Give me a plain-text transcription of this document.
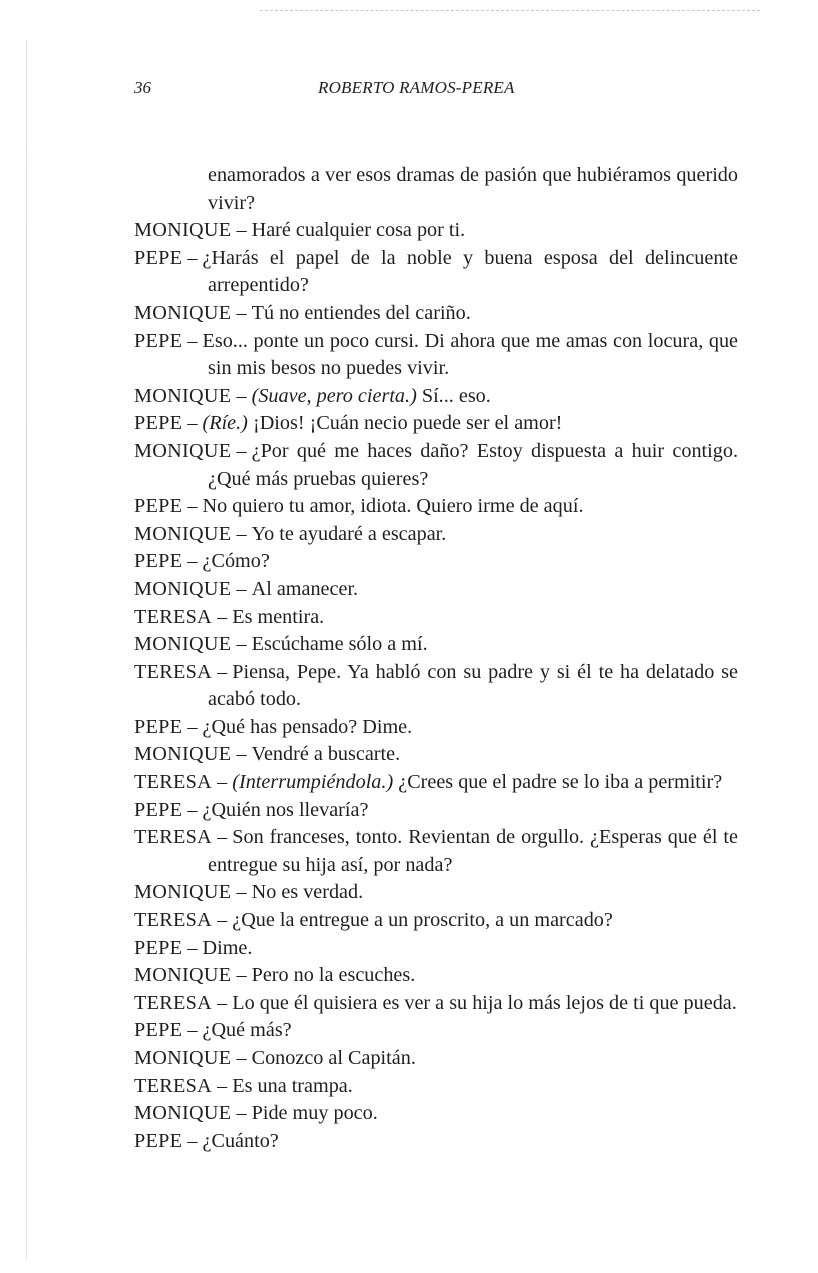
36	ROBERTO RAMOS-PEREA

enamorados a ver esos dramas de pasión que hubiéramos querido vivir?

MONIQUE – Haré cualquier cosa por ti.

PEPE – ¿Harás el papel de la noble y buena esposa del delincuente arrepentido?

MONIQUE – Tú no entiendes del cariño.

PEPE – Eso... ponte un poco cursi. Di ahora que me amas con locura, que sin mis besos no puedes vivir.

MONIQUE – (Suave, pero cierta.) Sí... eso.

PEPE – (Ríe.) ¡Dios! ¡Cuán necio puede ser el amor!

MONIQUE – ¿Por qué me haces daño? Estoy dispuesta a huir contigo. ¿Qué más pruebas quieres?

PEPE – No quiero tu amor, idiota. Quiero irme de aquí.

MONIQUE – Yo te ayudaré a escapar.

PEPE – ¿Cómo?

MONIQUE – Al amanecer.

TERESA – Es mentira.

MONIQUE – Escúchame sólo a mí.

TERESA – Piensa, Pepe. Ya habló con su padre y si él te ha delatado se acabó todo.

PEPE – ¿Qué has pensado? Dime.

MONIQUE – Vendré a buscarte.

TERESA – (Interrumpiéndola.) ¿Crees que el padre se lo iba a permitir?

PEPE – ¿Quién nos llevaría?

TERESA – Son franceses, tonto. Revientan de orgullo. ¿Esperas que él te entregue su hija así, por nada?

MONIQUE – No es verdad.

TERESA – ¿Que la entregue a un proscrito, a un marcado?

PEPE – Dime.

MONIQUE – Pero no la escuches.

TERESA – Lo que él quisiera es ver a su hija lo más lejos de ti que pueda.

PEPE – ¿Qué más?

MONIQUE – Conozco al Capitán.

TERESA – Es una trampa.

MONIQUE – Pide muy poco.

PEPE – ¿Cuánto?
